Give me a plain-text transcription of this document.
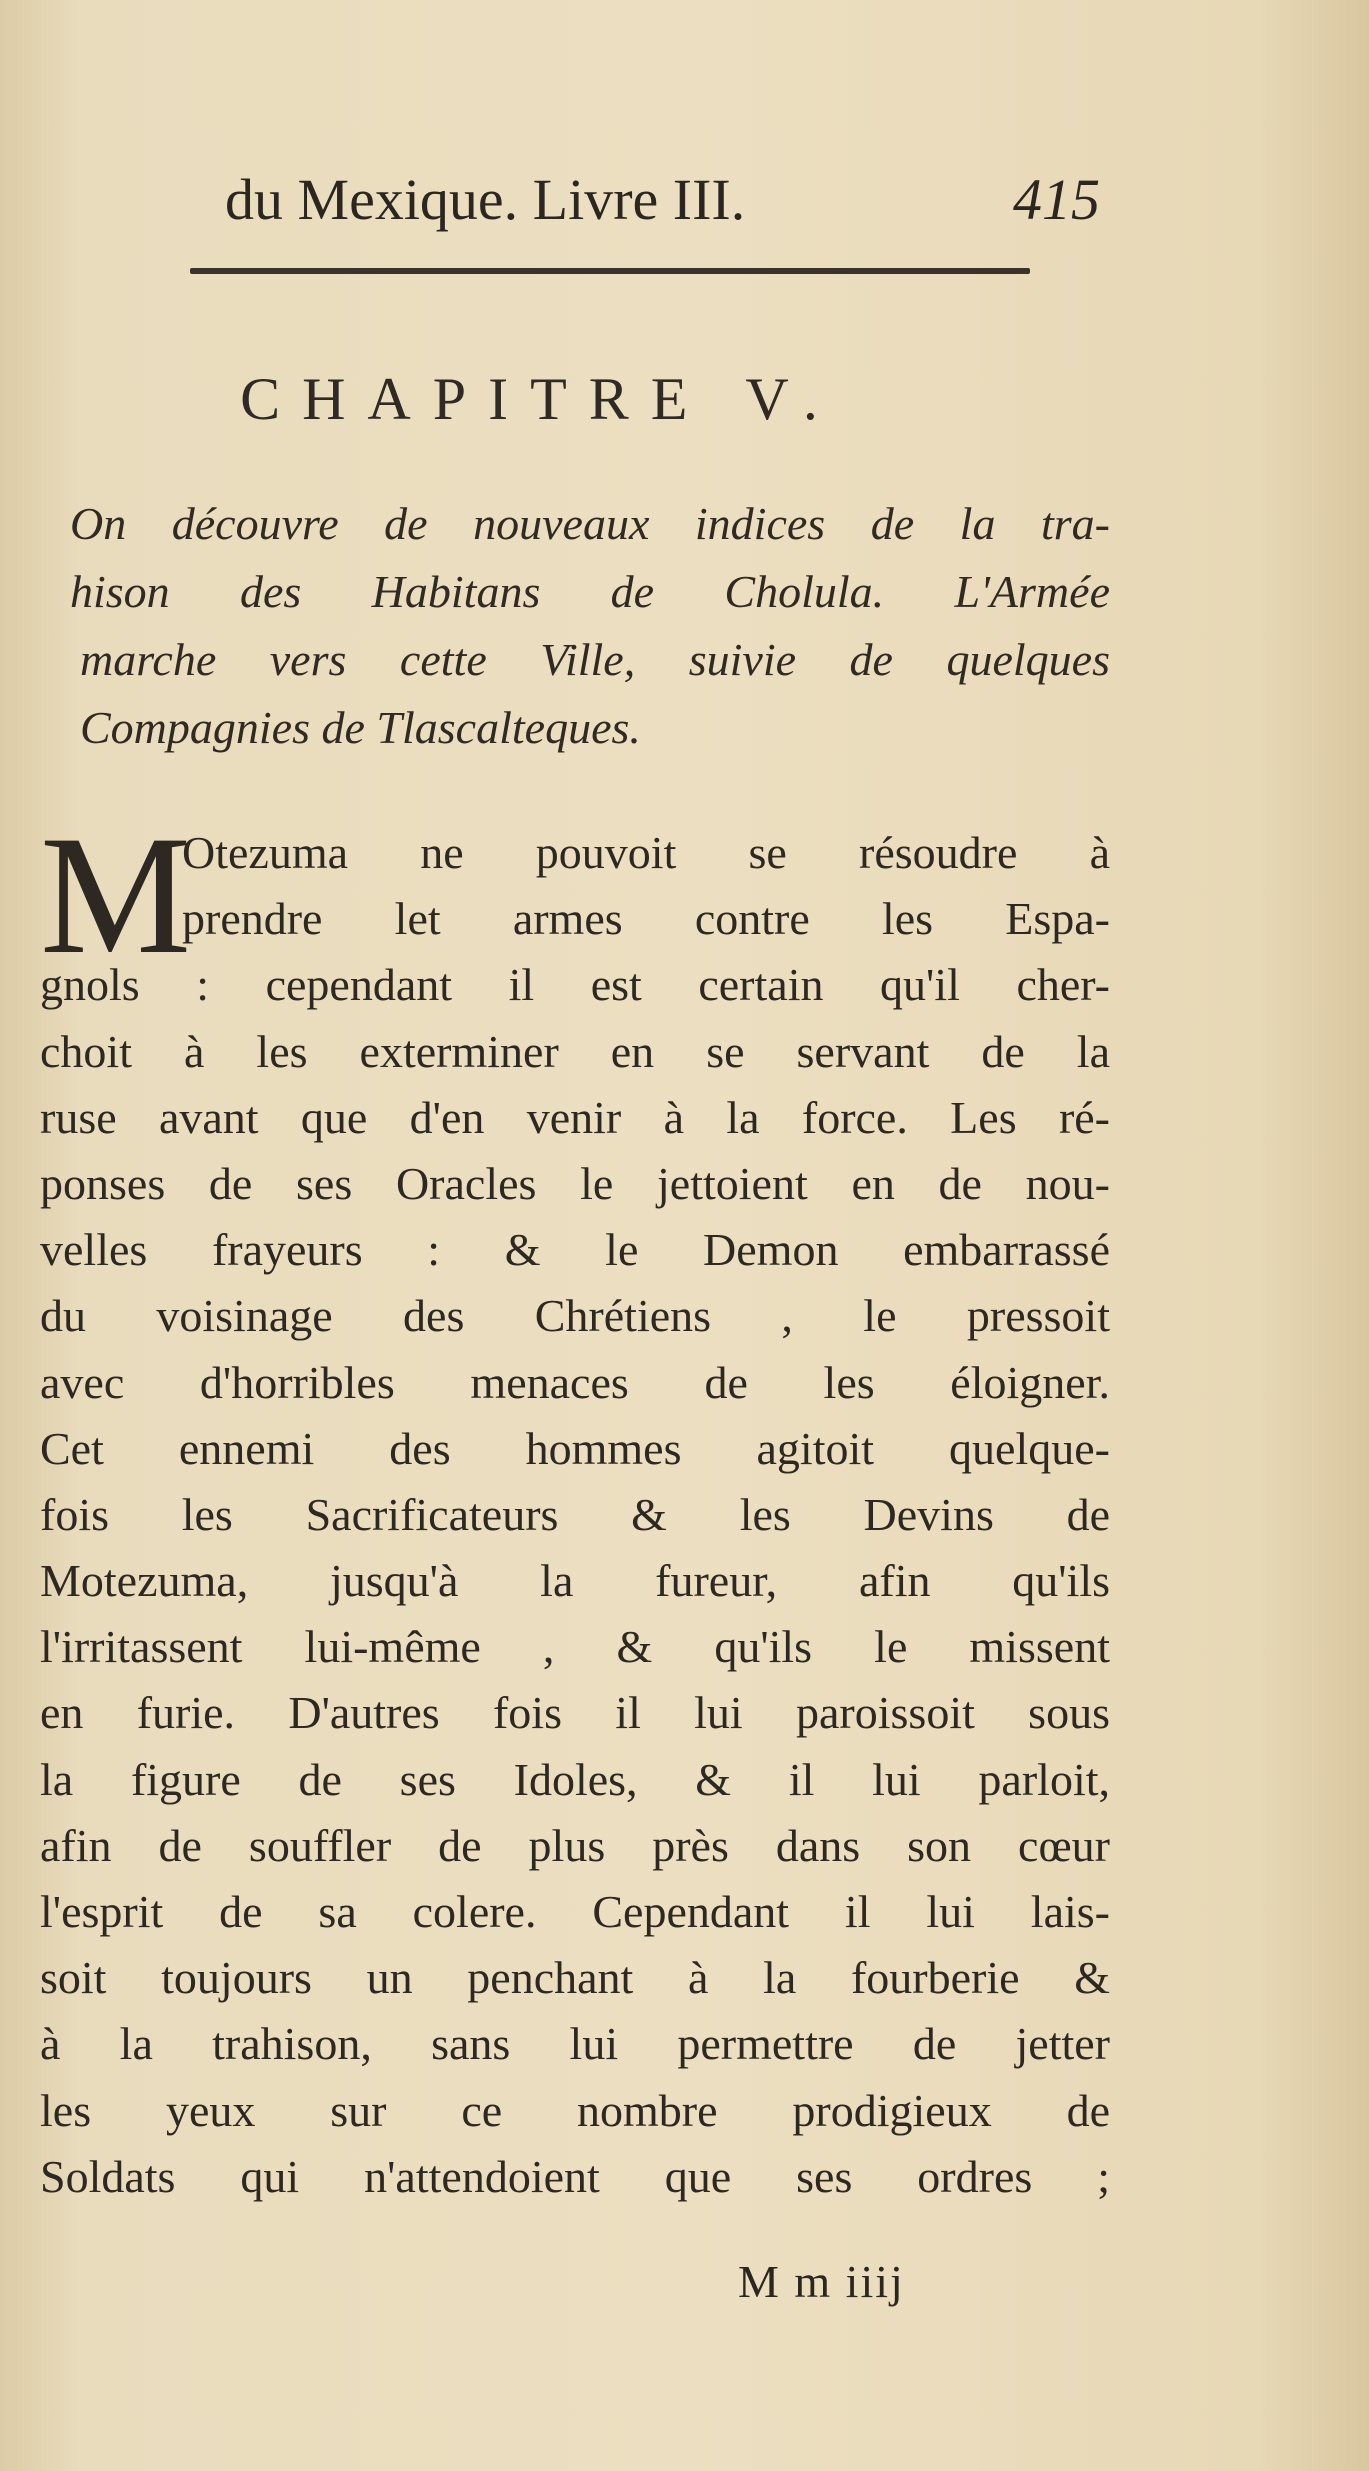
du Mexique. Livre III.	415
CHAPITRE V.
On découvre de nouveaux indices de la tra-
hison des Habitans de Cholula. L'Armée
marche vers cette Ville, suivie de quelques
Compagnies de Tlascalteques.
M
Otezuma ne pouvoit se résoudre à
prendre let armes contre les Espa-
gnols : cependant il est certain qu'il cher-
choit à les exterminer en se servant de la
ruse avant que d'en venir à la force. Les ré-
ponses de ses Oracles le jettoient en de nou-
velles frayeurs : & le Demon embarrassé
du voisinage des Chrétiens , le pressoit
avec d'horribles menaces de les éloigner.
Cet ennemi des hommes agitoit quelque-
fois les Sacrificateurs & les Devins de
Motezuma, jusqu'à la fureur, afin qu'ils
l'irritassent lui-même , & qu'ils le missent
en furie. D'autres fois il lui paroissoit sous
la figure de ses Idoles, & il lui parloit,
afin de souffler de plus près dans son cœur
l'esprit de sa colere. Cependant il lui lais-
soit toujours un penchant à la fourberie &
à la trahison, sans lui permettre de jetter
les yeux sur ce nombre prodigieux de
Soldats qui n'attendoient que ses ordres ;
M m iiij
